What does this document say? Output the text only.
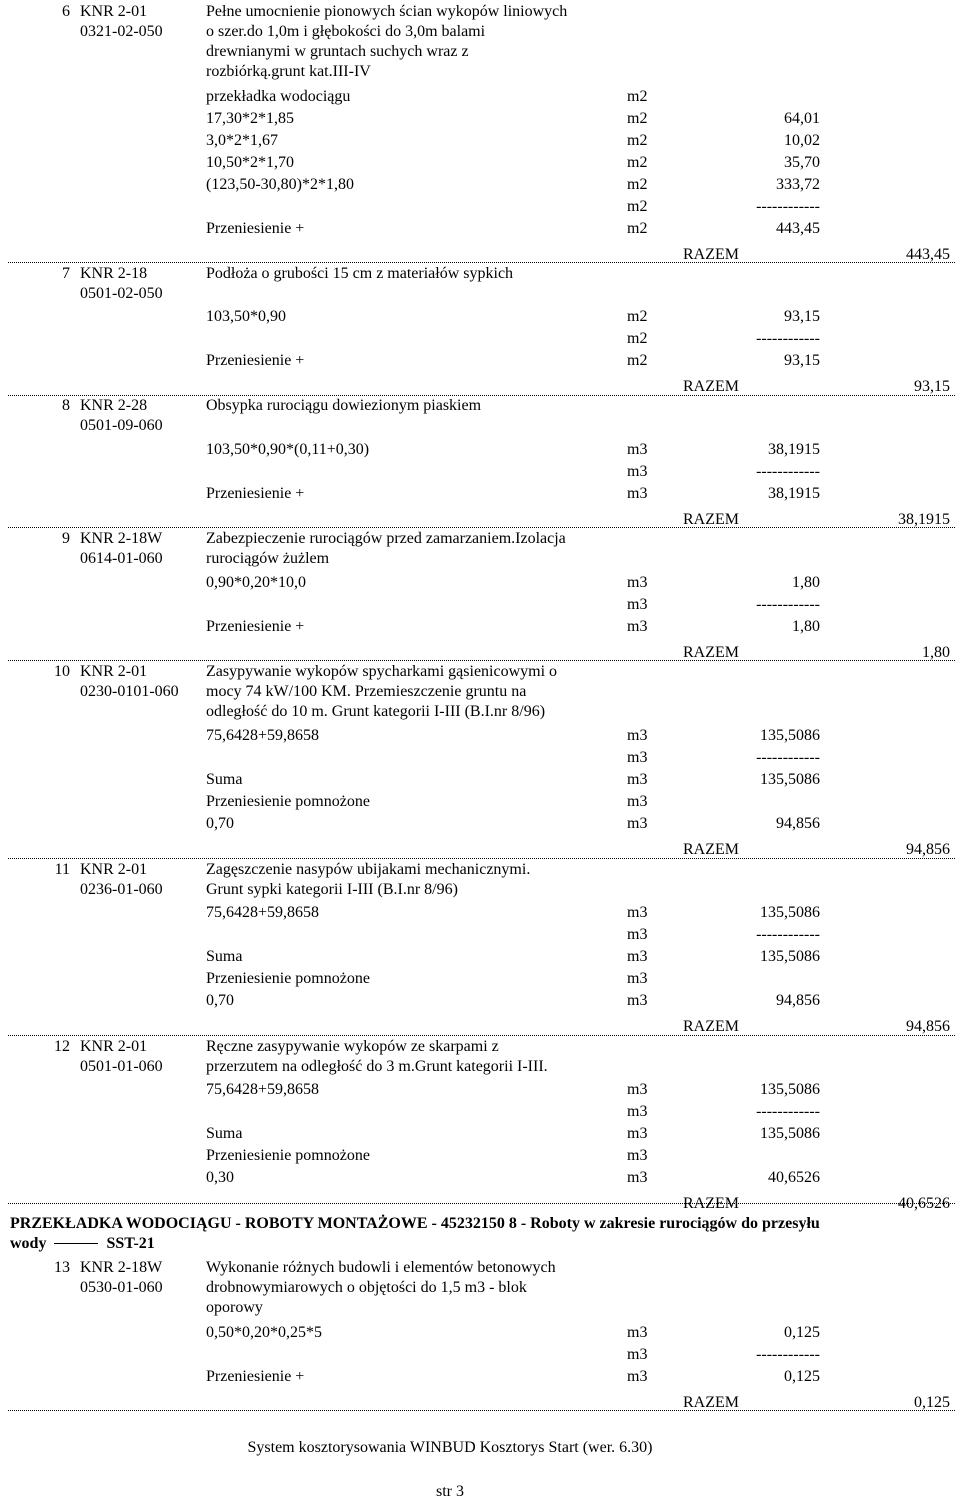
6 KNR 2-01
0321-02-050
Pełne umocnienie pionowych ścian wykopów liniowych
o szer.do 1,0m i głębokości do 3,0m balami
drewnianymi w gruntach suchych wraz z
rozbiórką.grunt kat.III-IV
przekładka wodociągu	m2
17,30*2*1,85	m2	64,01
3,0*2*1,67	m2	10,02
10,50*2*1,70	m2	35,70
(123,50-30,80)*2*1,80	m2	333,72
m2	------------
Przeniesienie +	m2	443,45
RAZEM	443,45
7 KNR 2-18
0501-02-050
Podłoża o grubości 15 cm z materiałów sypkich
103,50*0,90	m2	93,15
m2	------------
Przeniesienie +	m2	93,15
RAZEM	93,15
8 KNR 2-28
0501-09-060
Obsypka rurociągu dowiezionym piaskiem
103,50*0,90*(0,11+0,30)	m3	38,1915
m3	------------
Przeniesienie +	m3	38,1915
RAZEM	38,1915
9 KNR 2-18W
0614-01-060
Zabezpieczenie rurociągów przed zamarzaniem.Izolacja
rurociągów żużlem
0,90*0,20*10,0	m3	1,80
m3	------------
Przeniesienie +	m3	1,80
RAZEM	1,80
10 KNR 2-01
0230-0101-060
Zasypywanie wykopów spycharkami gąsienicowymi o
mocy 74 kW/100 KM. Przemieszczenie gruntu na
odległość do 10 m. Grunt kategorii I-III (B.I.nr 8/96)
75,6428+59,8658	m3	135,5086
m3	------------
Suma	m3	135,5086
Przeniesienie pomnożone	m3
0,70	m3	94,856
RAZEM	94,856
11 KNR 2-01
0236-01-060
Zagęszczenie nasypów ubijakami mechanicznymi.
Grunt sypki kategorii I-III (B.I.nr 8/96)
75,6428+59,8658	m3	135,5086
m3	------------
Suma	m3	135,5086
Przeniesienie pomnożone	m3
0,70	m3	94,856
RAZEM	94,856
12 KNR 2-01
0501-01-060
Ręczne zasypywanie wykopów ze skarpami z
przerzutem na odległość do 3 m.Grunt kategorii I-III.
75,6428+59,8658	m3	135,5086
m3	------------
Suma	m3	135,5086
Przeniesienie pomnożone	m3
0,30	m3	40,6526
RAZEM	40,6526
13 KNR 2-18W
0530-01-060
Wykonanie różnych budowli i elementów betonowych
drobnowymiarowych o objętości do 1,5 m3 - blok
oporowy
0,50*0,20*0,25*5	m3	0,125
m3	------------
Przeniesienie +	m3	0,125
RAZEM	0,125
PRZEKŁADKA WODOCIĄGU - ROBOTY MONTAŻOWE - 45232150 8 - Roboty w zakresie rurociągów do przesyłu
wody	SST-21
System kosztorysowania WINBUD Kosztorys Start (wer. 6.30)
str 3
